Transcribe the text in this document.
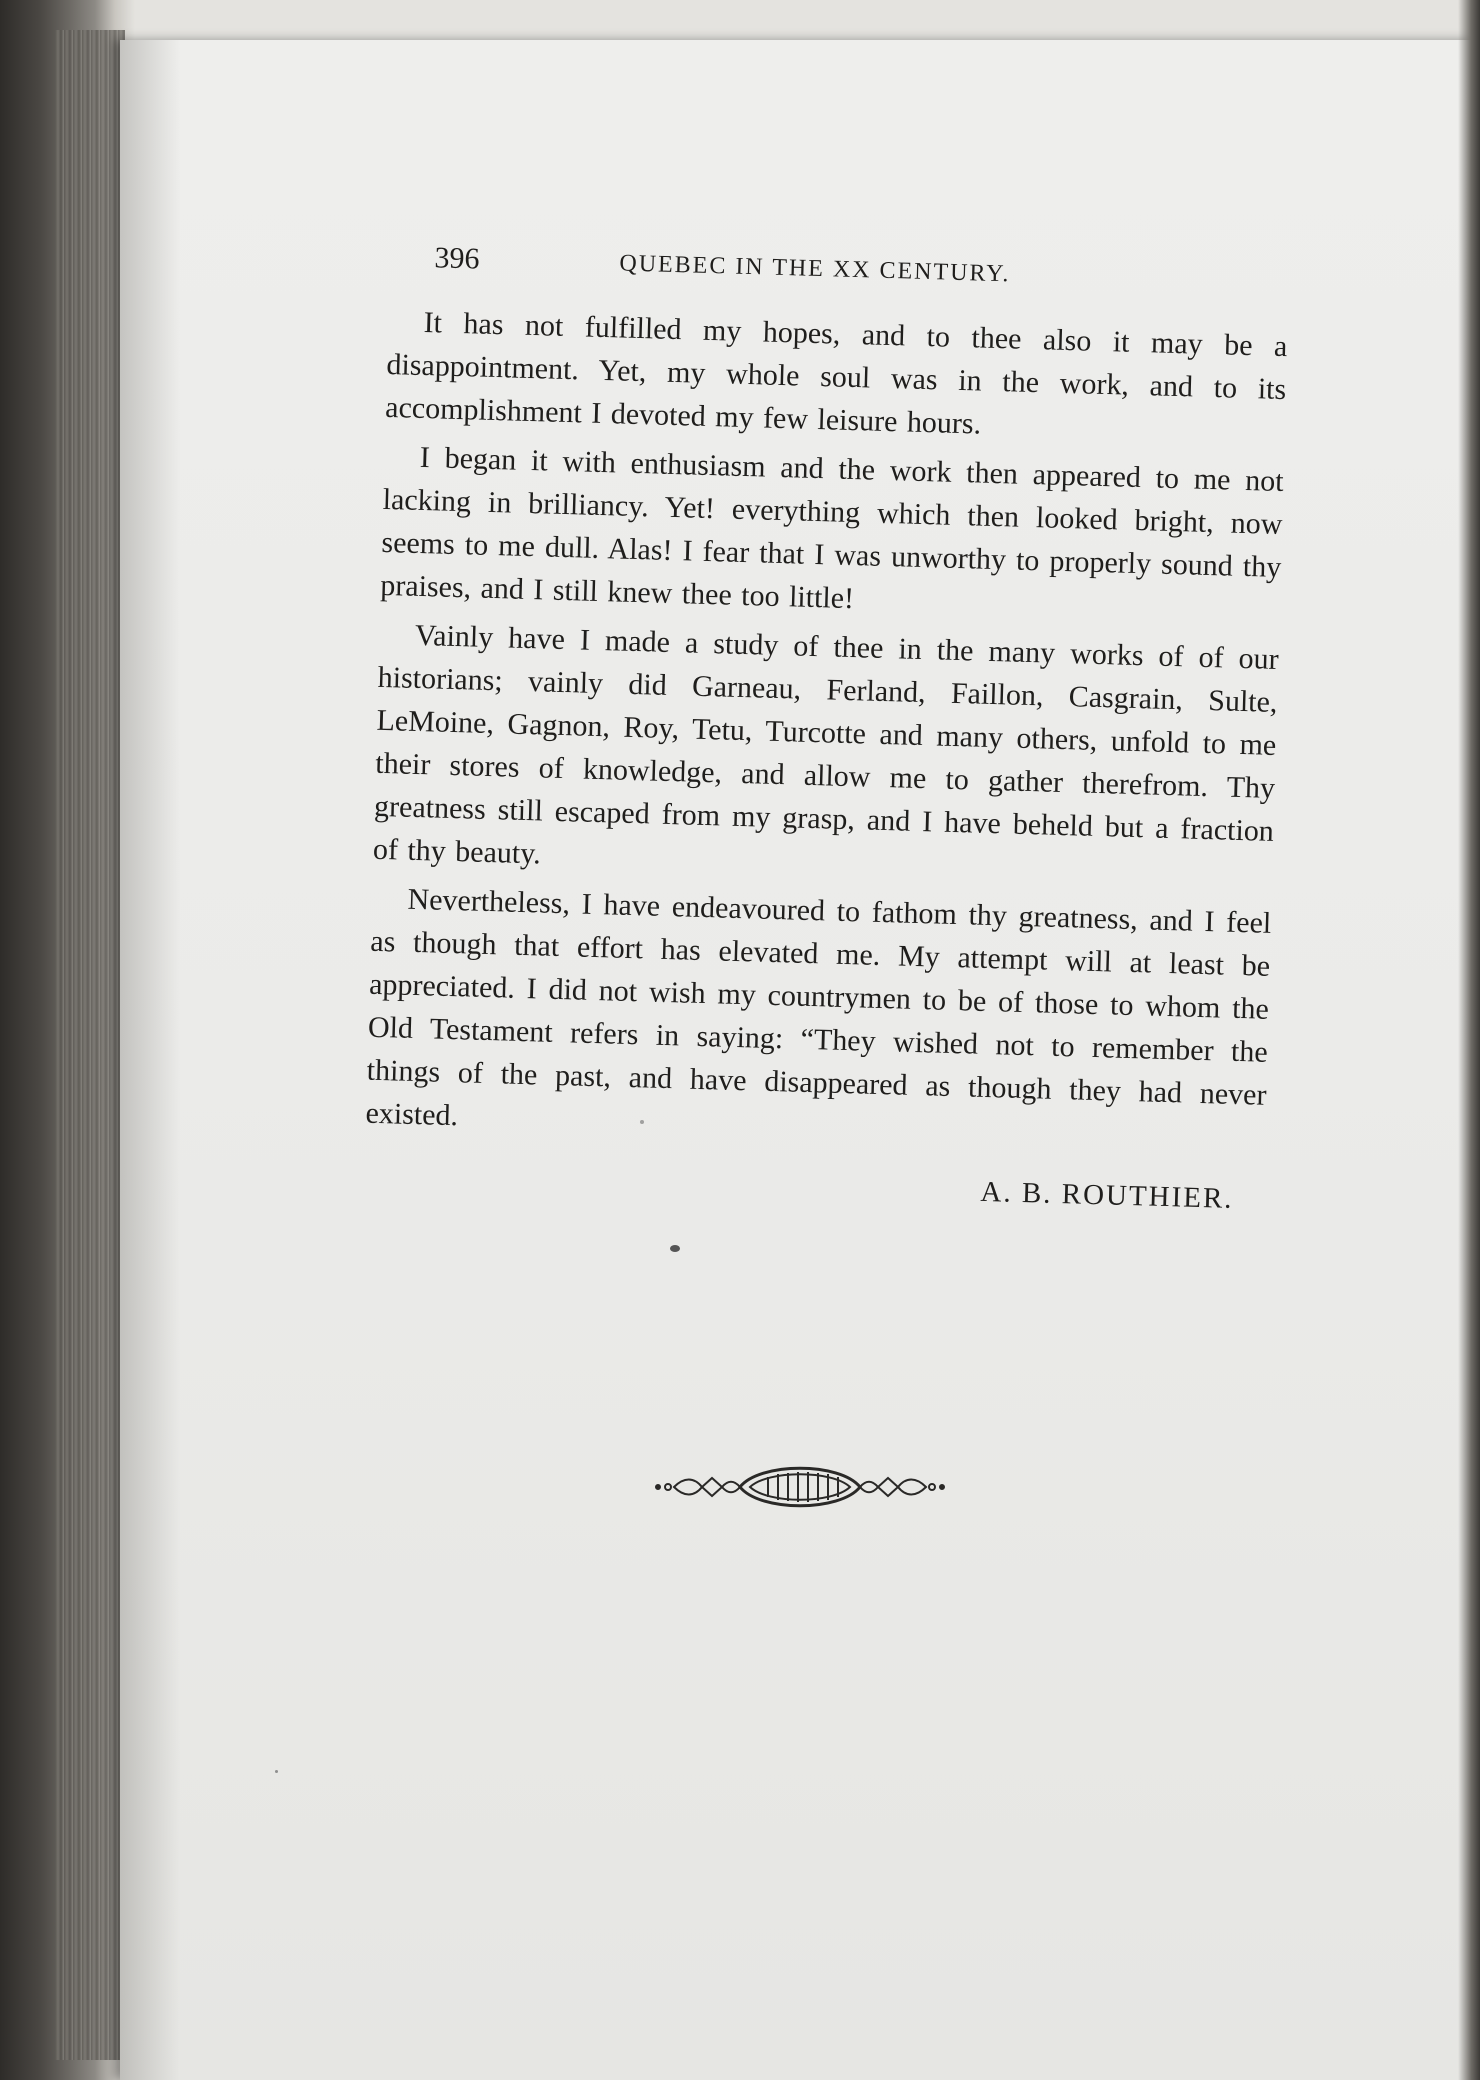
396	QUEBEC IN THE XX CENTURY.

It has not fulfilled my hopes, and to thee also it may be a disappointment. Yet, my whole soul was in the work, and to its accomplishment I devoted my few leisure hours.

I began it with enthusiasm and the work then appeared to me not lacking in brilliancy. Yet! everything which then looked bright, now seems to me dull. Alas! I fear that I was unworthy to properly sound thy praises, and I still knew thee too little!

Vainly have I made a study of thee in the many works of of our historians; vainly did Garneau, Ferland, Faillon, Casgrain, Sulte, LeMoine, Gagnon, Roy, Tetu, Turcotte and many others, unfold to me their stores of knowledge, and allow me to gather therefrom. Thy greatness still escaped from my grasp, and I have beheld but a fraction of thy beauty.

Nevertheless, I have endeavoured to fathom thy greatness, and I feel as though that effort has elevated me. My attempt will at least be appreciated. I did not wish my countrymen to be of those to whom the Old Testament refers in saying: “They wished not to remember the things of the past, and have disappeared as though they had never existed.

A. B. ROUTHIER.
